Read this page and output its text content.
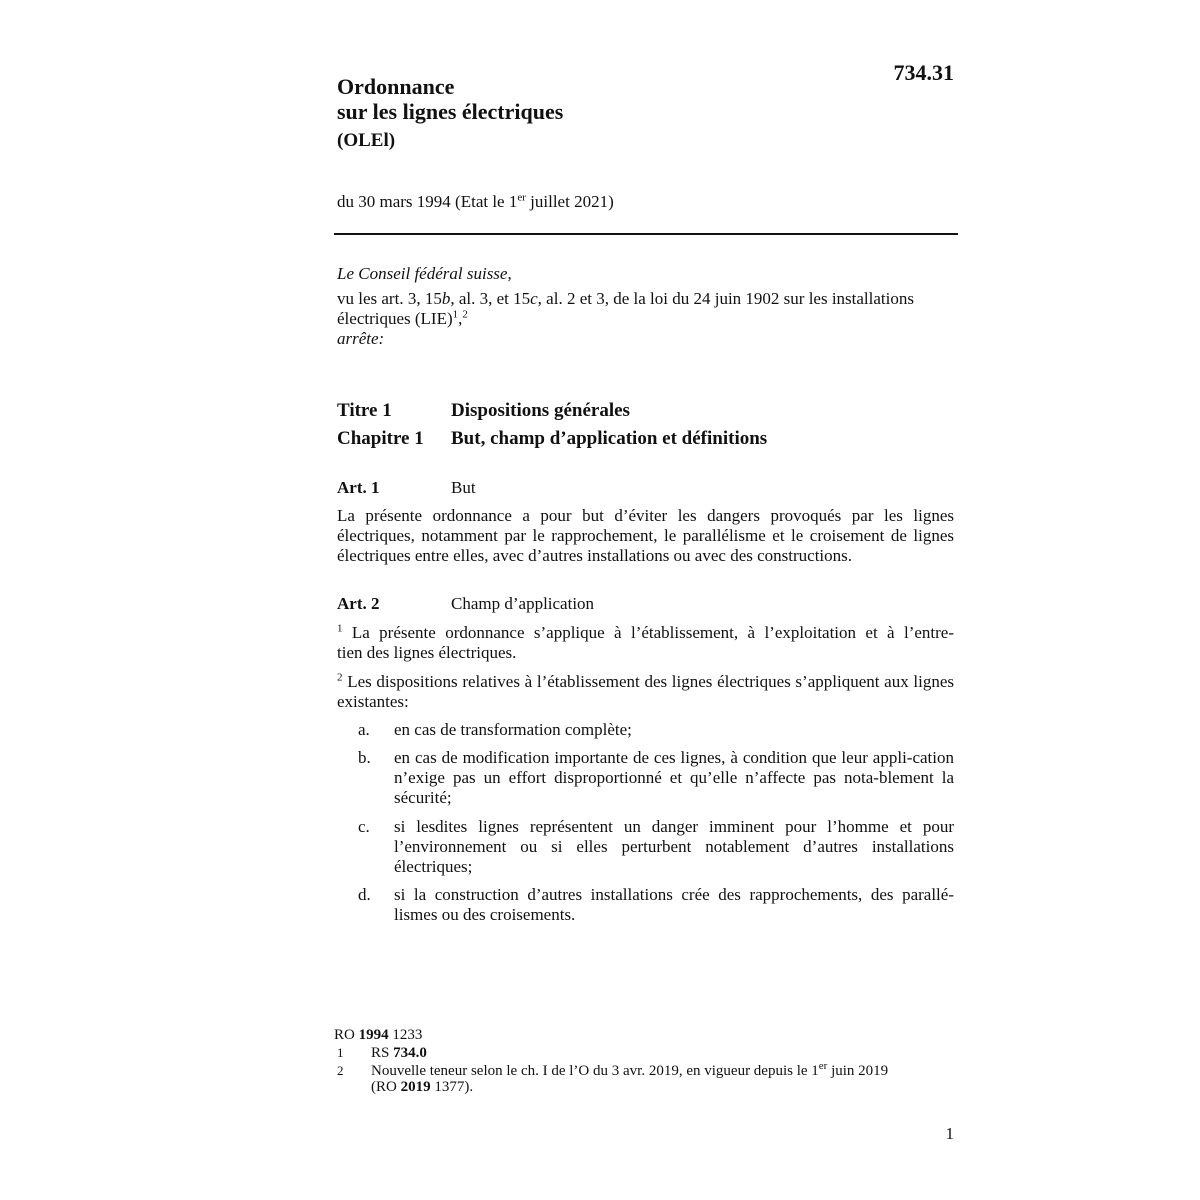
734.31
Ordonnance
sur les lignes électriques
(OLEl)
du 30 mars 1994 (Etat le 1er juillet 2021)
Le Conseil fédéral suisse,
vu les art. 3, 15b, al. 3, et 15c, al. 2 et 3, de la loi du 24 juin 1902 sur les installations électriques (LIE)$^1$,$^2$
arrête:
Titre 1	Dispositions générales
Chapitre 1 But, champ d’application et définitions
Art. 1	But
La présente ordonnance a pour but d’éviter les dangers provoqués par les lignes électriques, notamment par le rapprochement, le parallélisme et le croisement de lignes électriques entre elles, avec d’autres installations ou avec des constructions.
Art. 2	Champ d’application
$^1$ La présente ordonnance s’applique à l’établissement, à l’exploitation et à l’entre-
tien des lignes électriques.
$^2$ Les dispositions relatives à l’établissement des lignes électriques s’appliquent aux lignes existantes:
a. en cas de transformation complète;
b. en cas de modification importante de ces lignes, à condition que leur appli-cation n’exige pas un effort disproportionné et qu’elle n’affecte pas nota-blement la sécurité;
c. si lesdites lignes représentent un danger imminent pour l’homme et pour l’environnement ou si elles perturbent notablement d’autres installations électriques;
d. si la construction d’autres installations crée des rapprochements, des parallé-lismes ou des croisements.
RO 1994 1233
1 RS 734.0
2 Nouvelle teneur selon le ch. I de l’O du 3 avr. 2019, en vigueur depuis le 1er juin 2019
(RO 2019 1377).
1
